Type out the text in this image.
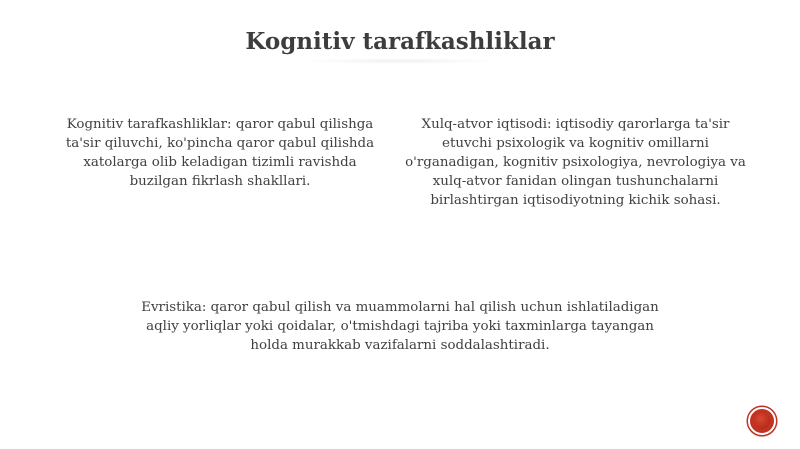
Kognitiv tarafkashliklar
Kognitiv tarafkashliklar: qaror qabul qilishga ta'sir qiluvchi, ko'pincha qaror qabul qilishda xatolarga olib keladigan tizimli ravishda buzilgan fikrlash shakllari.
Xulq-atvor iqtisodi: iqtisodiy qarorlarga ta'sir etuvchi psixologik va kognitiv omillarni o'rganadigan, kognitiv psixologiya, nevrologiya va xulq-atvor fanidan olingan tushunchalarni birlashtirgan iqtisodiyotning kichik sohasi.
Evristika: qaror qabul qilish va muammolarni hal qilish uchun ishlatiladigan aqliy yorliqlar yoki qoidalar, o'tmishdagi tajriba yoki taxminlarga tayangan holda murakkab vazifalarni soddalashtiradi.
